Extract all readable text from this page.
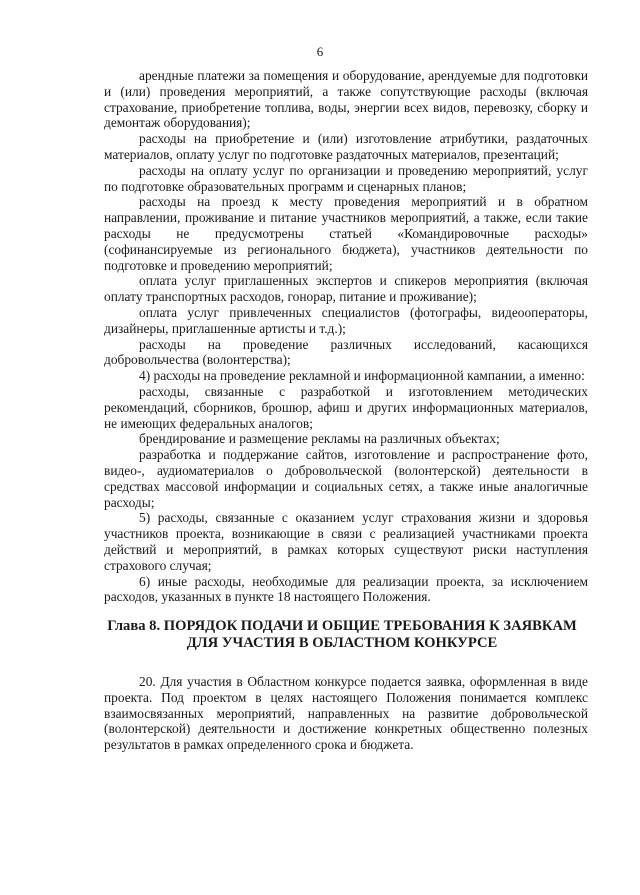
6

арендные платежи за помещения и оборудование, арендуемые для подготовки и (или) проведения мероприятий, а также сопутствующие расходы (включая страхование, приобретение топлива, воды, энергии всех видов, перевозку, сборку и демонтаж оборудования);

расходы на приобретение и (или) изготовление атрибутики, раздаточных материалов, оплату услуг по подготовке раздаточных материалов, презентаций;

расходы на оплату услуг по организации и проведению мероприятий, услуг по подготовке образовательных программ и сценарных планов;

расходы на проезд к месту проведения мероприятий и в обратном направлении, проживание и питание участников мероприятий, а также, если такие расходы не предусмотрены статьей «Командировочные расходы» (софинансируемые из регионального бюджета), участников деятельности по подготовке и проведению мероприятий;

оплата услуг приглашенных экспертов и спикеров мероприятия (включая оплату транспортных расходов, гонорар, питание и проживание);

оплата услуг привлеченных специалистов (фотографы, видеооператоры, дизайнеры, приглашенные артисты и т.д.);

расходы на проведение различных исследований, касающихся добровольчества (волонтерства);

4) расходы на проведение рекламной и информационной кампании, а именно:

расходы, связанные с разработкой и изготовлением методических рекомендаций, сборников, брошюр, афиш и других информационных материалов, не имеющих федеральных аналогов;

брендирование и размещение рекламы на различных объектах;

разработка и поддержание сайтов, изготовление и распространение фото, видео-, аудиоматериалов о добровольческой (волонтерской) деятельности в средствах массовой информации и социальных сетях, а также иные аналогичные расходы;

5) расходы, связанные с оказанием услуг страхования жизни и здоровья участников проекта, возникающие в связи с реализацией участниками проекта действий и мероприятий, в рамках которых существуют риски наступления страхового случая;

6) иные расходы, необходимые для реализации проекта, за исключением расходов, указанных в пункте 18 настоящего Положения.

Глава 8. ПОРЯДОК ПОДАЧИ И ОБЩИЕ ТРЕБОВАНИЯ К ЗАЯВКАМ ДЛЯ УЧАСТИЯ В ОБЛАСТНОМ КОНКУРСЕ

20. Для участия в Областном конкурсе подается заявка, оформленная в виде проекта. Под проектом в целях настоящего Положения понимается комплекс взаимосвязанных мероприятий, направленных на развитие добровольческой (волонтерской) деятельности и достижение конкретных общественно полезных результатов в рамках определенного срока и бюджета.
